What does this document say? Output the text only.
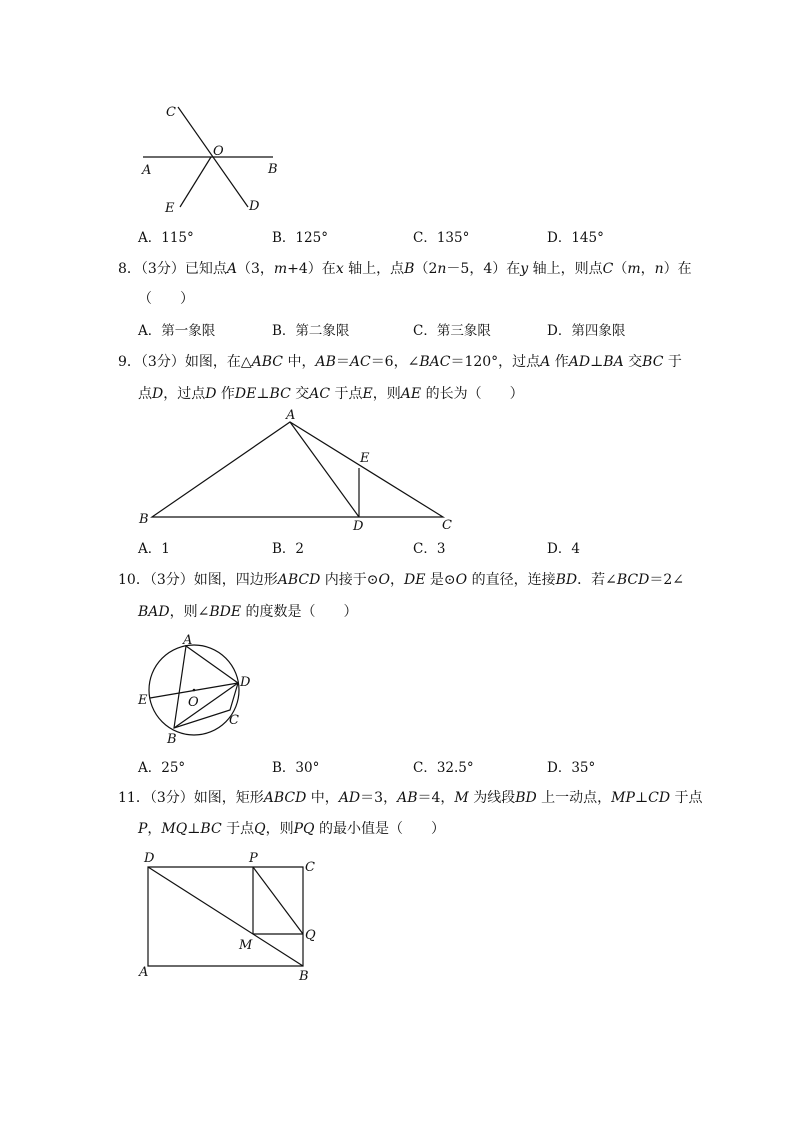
C
A
O
B
E	D
A．115°	B．125°	C．135°	D．145°
8．（3分）已知点A（3，m+4）在x 轴上，点B（2n－5，4）在y 轴上，则点C（m，n）在
（　　）
A．第一象限	B．第二象限	C．第三象限	D．第四象限
9．（3分）如图，在△ABC 中，AB＝AC＝6，∠BAC＝120°，过点A 作AD⊥BA 交BC 于
点D，过点D 作DE⊥BC 交AC 于点E，则AE 的长为（　　）
A
B	C
D
E
A．1	B．2	C．3	D．4
10．（3分）如图，四边形ABCD 内接于⊙O，DE 是⊙O 的直径，连接BD．若∠BCD＝2∠
BAD，则∠BDE 的度数是（　　）
A
D
E	O
C
B
A．25°	B．30°	C．32.5°	D．35°
11．（3分）如图，矩形ABCD 中，AD＝3，AB＝4，M 为线段BD 上一动点，MP⊥CD 于点
P，MQ⊥BC 于点Q，则PQ 的最小值是（　　）
D	P
C
Q
M
A	B
